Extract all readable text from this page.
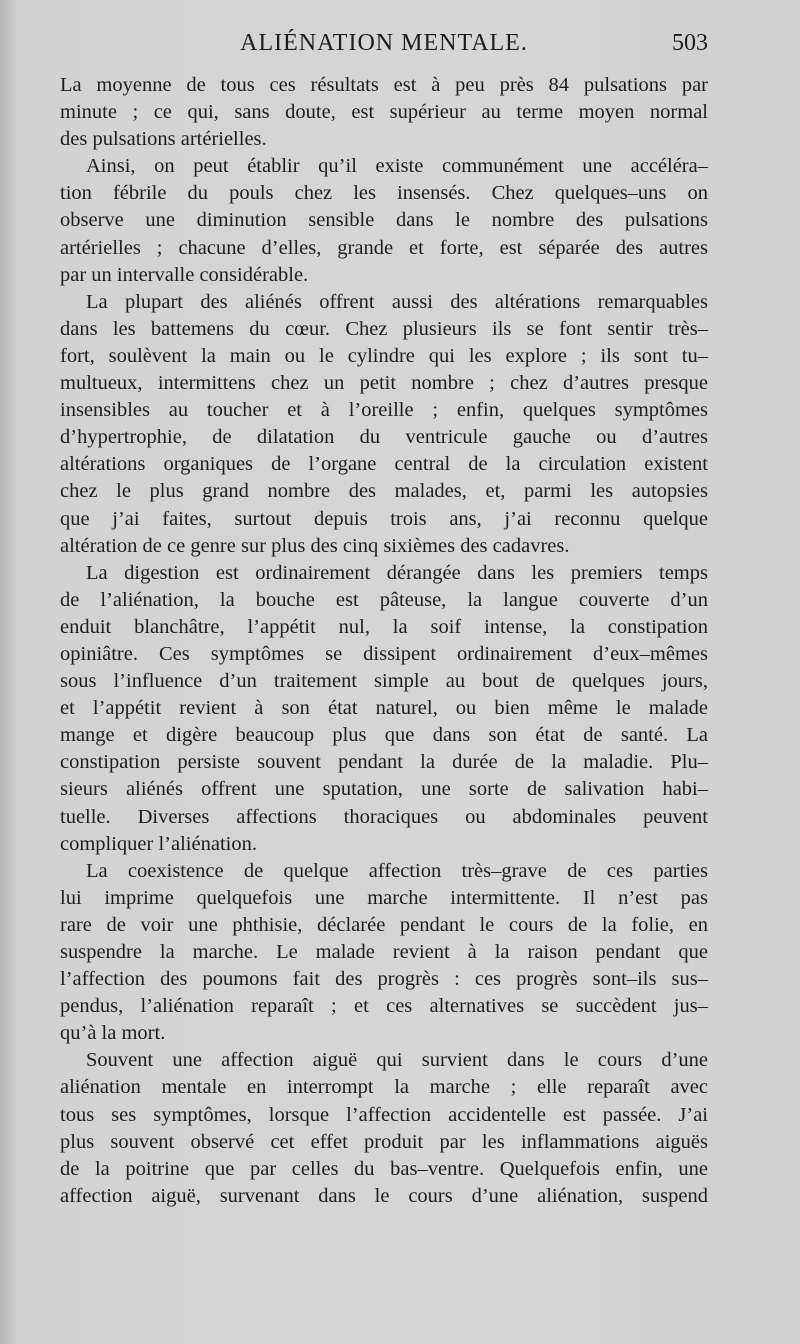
ALIÉNATION MENTALE.	503
La moyenne de tous ces résultats est à peu près 84 pulsations par
minute ; ce qui, sans doute, est supérieur au terme moyen normal
des pulsations artérielles.
Ainsi, on peut établir qu’il existe communément une accéléra–
tion fébrile du pouls chez les insensés. Chez quelques–uns on
observe une diminution sensible dans le nombre des pulsations
artérielles ; chacune d’elles, grande et forte, est séparée des autres
par un intervalle considérable.
La plupart des aliénés offrent aussi des altérations remarquables
dans les battemens du cœur. Chez plusieurs ils se font sentir très–
fort, soulèvent la main ou le cylindre qui les explore ; ils sont tu–
multueux, intermittens chez un petit nombre ; chez d’autres presque
insensibles au toucher et à l’oreille ; enfin, quelques symptômes
d’hypertrophie, de dilatation du ventricule gauche ou d’autres
altérations organiques de l’organe central de la circulation existent
chez le plus grand nombre des malades, et, parmi les autopsies
que j’ai faites, surtout depuis trois ans, j’ai reconnu quelque
altération de ce genre sur plus des cinq sixièmes des cadavres.
La digestion est ordinairement dérangée dans les premiers temps
de l’aliénation, la bouche est pâteuse, la langue couverte d’un
enduit blanchâtre, l’appétit nul, la soif intense, la constipation
opiniâtre. Ces symptômes se dissipent ordinairement d’eux–mêmes
sous l’influence d’un traitement simple au bout de quelques jours,
et l’appétit revient à son état naturel, ou bien même le malade
mange et digère beaucoup plus que dans son état de santé. La
constipation persiste souvent pendant la durée de la maladie. Plu–
sieurs aliénés offrent une sputation, une sorte de salivation habi–
tuelle. Diverses affections thoraciques ou abdominales peuvent
compliquer l’aliénation.
La coexistence de quelque affection très–grave de ces parties
lui imprime quelquefois une marche intermittente. Il n’est pas
rare de voir une phthisie, déclarée pendant le cours de la folie, en
suspendre la marche. Le malade revient à la raison pendant que
l’affection des poumons fait des progrès : ces progrès sont–ils sus–
pendus, l’aliénation reparaît ; et ces alternatives se succèdent jus–
qu’à la mort.
Souvent une affection aiguë qui survient dans le cours d’une
aliénation mentale en interrompt la marche ; elle reparaît avec
tous ses symptômes, lorsque l’affection accidentelle est passée. J’ai
plus souvent observé cet effet produit par les inflammations aiguës
de la poitrine que par celles du bas–ventre. Quelquefois enfin, une
affection aiguë, survenant dans le cours d’une aliénation, suspend
